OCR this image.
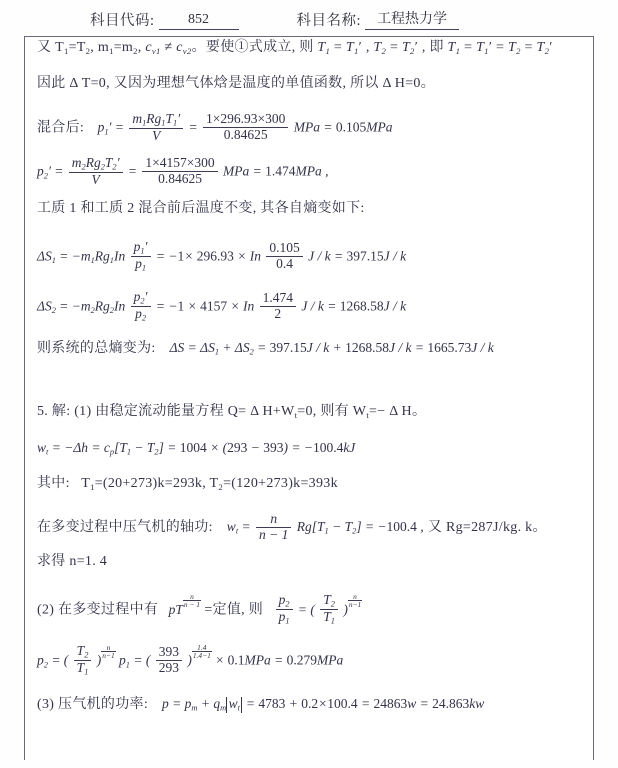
科目代码:	852	科目名称:	工程热力学
又 $T_1=T_2$, $m_1=m_2$, cv1 ≠ cv2。要使①式成立, 则 T1 = T1′ , T2 = T2′ , 即 T1 = T1′ = T2 = T2′
因此 Δ T=0, 又因为理想气体焓是温度的单值函数, 所以 Δ H=0。
混合后: $p1' = \frac{m1Rg1T1'}{V} = \frac{1\times 296.93\times 300}{0.84625}$ MPa = 0.105MPa
$p2' = \frac{m2Rg2T2'}{V} = \frac{1\times 4157\times 300}{0.84625}$ MPa = 1.474MPa ,
工质 1 和工质 2 混合前后温度不变, 其各自熵变如下:
$\Delta S1 = -m1Rg1In \frac{p1'}{p1} = -1\times 296.93 \times In \frac{0.105}{0.4}$ J / k = 397.15J / k
$\Delta S2 = -m2Rg2In \frac{p2'}{p2} = -1 \times 4157 \times In \frac{1.474}{2}$ J / k = 1268.58J / k
则系统的总熵变为:    ΔS = ΔS1 + ΔS2 = 397.15J / k + 1268.58J / k = 1665.73J / k
5. 解: (1) 由稳定流动能量方程 Q= Δ $H+W_t=0$, 则有 $W_t=- \Delta$ H。
wt = −Δh = cp[T1 − T2] = 1004 × (293 − 393) = −100.4kJ
其中:   $T_1=(20+273)k=293k$, $T_2=(120+273)k=393k$
在多变过程中压气机的轴功: wt = $\frac{n}{n - 1} Rg[T1 - T2] = -100.4$ , 又 Rg=287J/kg. k。
求得 n=1. 4
(2) 在多变过程中有 pT
$\frac{n}{n - 1}$
=定值, 则 $\frac{p2}{p1}$ = ( $\frac{T2}{T1}$ )
$\frac{n}{n-1}$
p2 = ( $\frac{T2}{T1}$ )
$\frac{n}{n-1}$
p1 = ( $\frac{393}{293}$ )
$\frac{1.4}{1.4-1}$
× 0.1MPa = 0.279MPa
(3) 压气机的功率: p = pm + qm wt = 4783 + 0.2×100.4 = 24863w = 24.863kw
